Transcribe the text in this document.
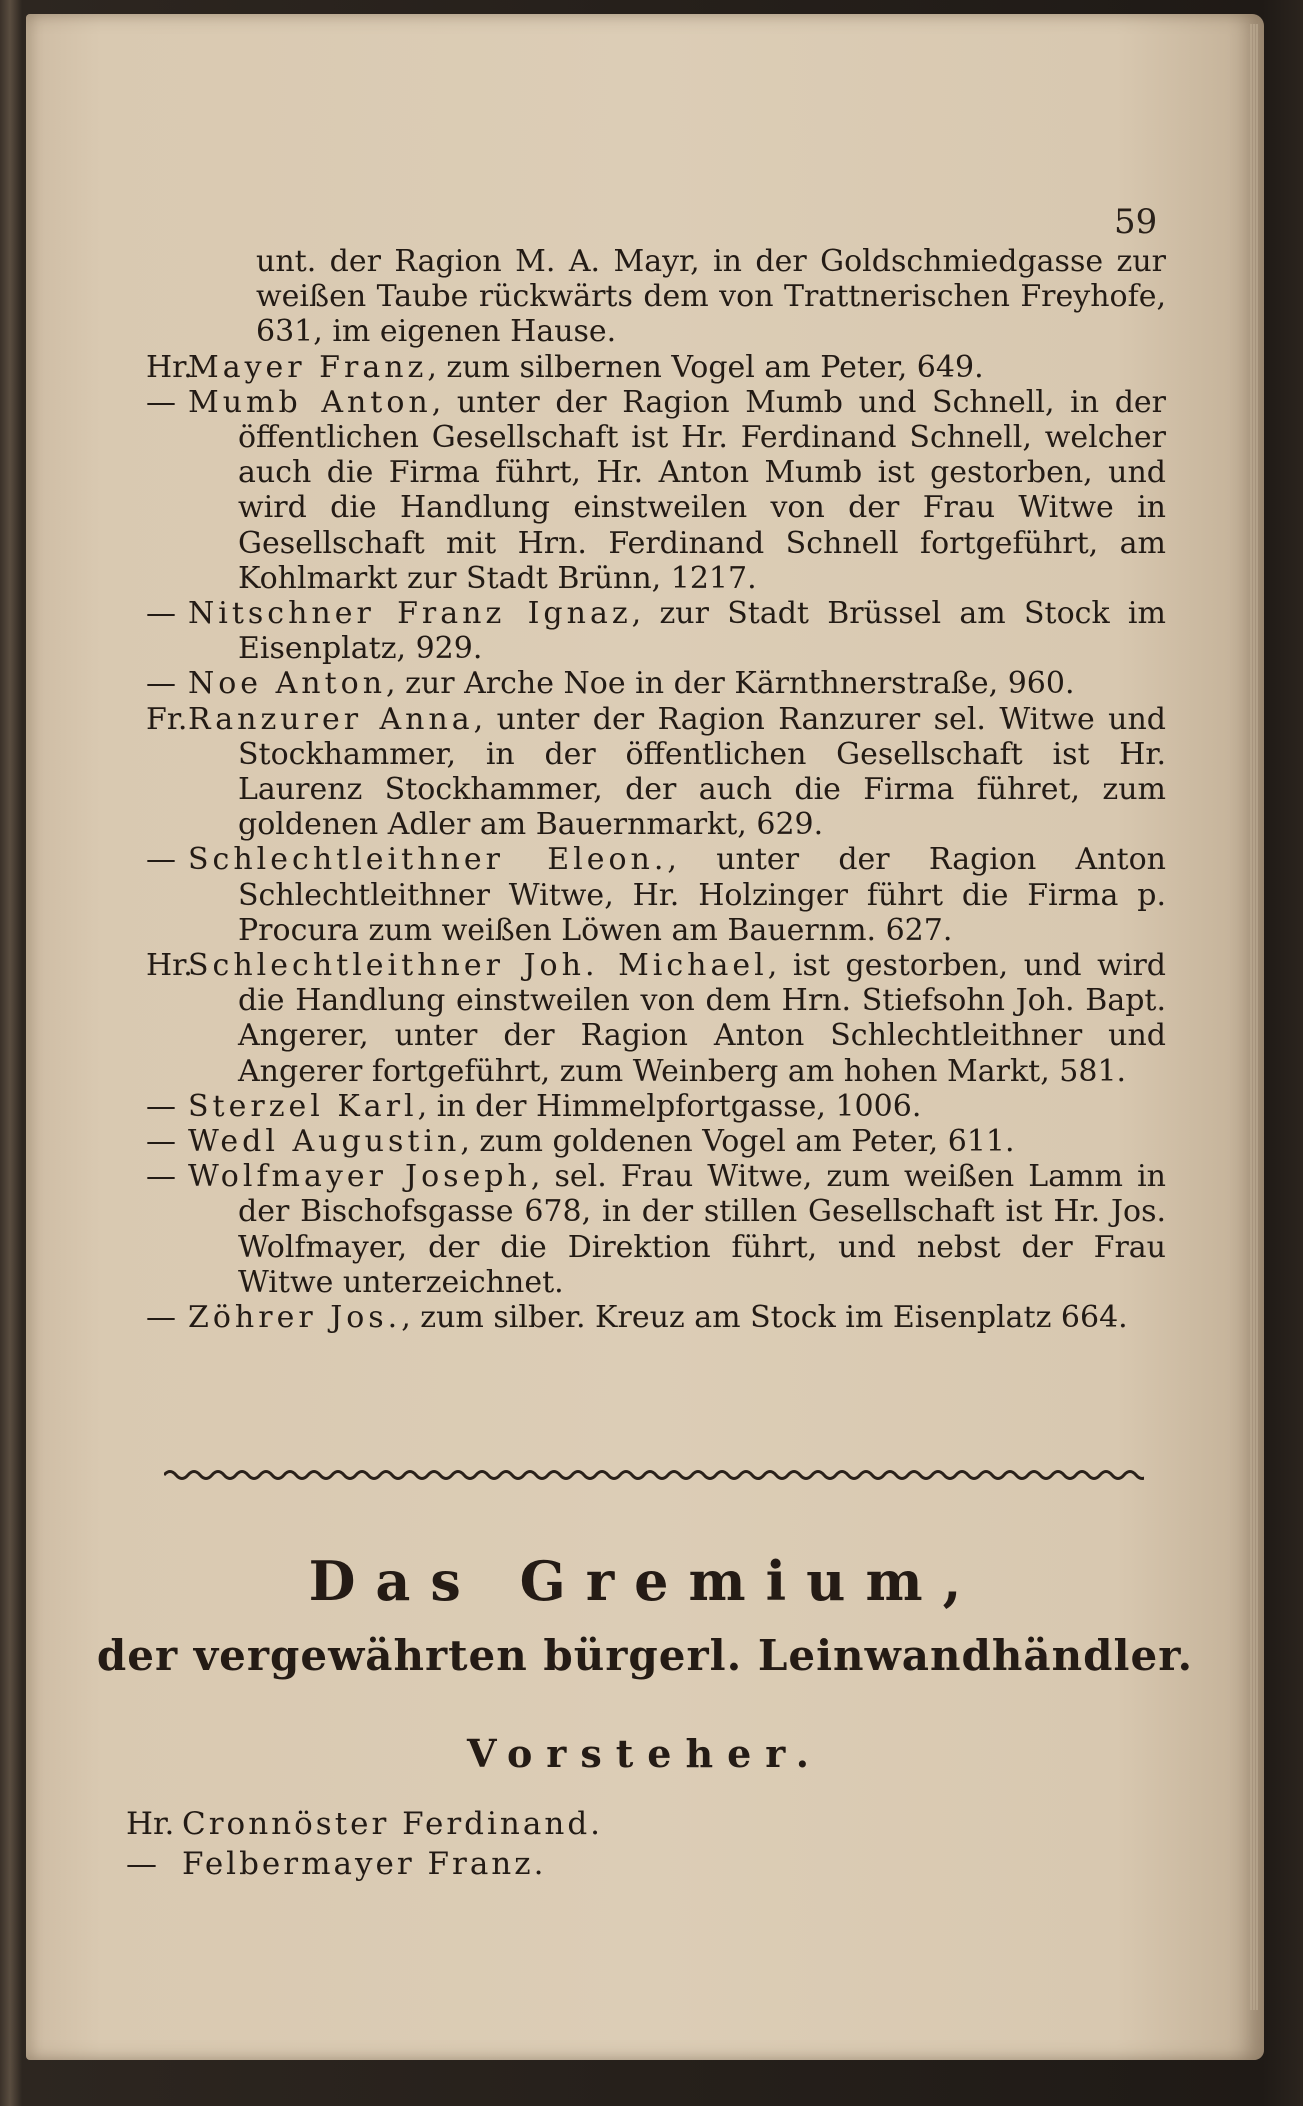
59

unt. der Ragion M. A. Mayr, in der Goldschmiedgasse zur weißen Taube rückwärts dem von Trattnerischen Freyhofe, 631, im eigenen Hause.
Hr.Mayer Franz, zum silbernen Vogel am Peter, 649.
— Mumb Anton, unter der Ragion Mumb und Schnell, in der öffentlichen Gesellschaft ist Hr. Ferdinand Schnell, welcher auch die Firma führt, Hr. Anton Mumb ist gestorben, und wird die Handlung einstweilen von der Frau Witwe in Gesellschaft mit Hrn. Ferdinand Schnell fortgeführt, am Kohlmarkt zur Stadt Brünn, 1217.
— Nitschner Franz Ignaz, zur Stadt Brüssel am Stock im Eisenplatz, 929.
— Noe Anton, zur Arche Noe in der Kärnthnerstraße, 960.
Fr.Ranzurer Anna, unter der Ragion Ranzurer sel. Witwe und Stockhammer, in der öffentlichen Gesellschaft ist Hr. Laurenz Stockhammer, der auch die Firma führet, zum goldenen Adler am Bauernmarkt, 629.
— Schlechtleithner Eleon., unter der Ragion Anton Schlechtleithner Witwe, Hr. Holzinger führt die Firma p. Procura zum weißen Löwen am Bauernm. 627.
Hr.Schlechtleithner Joh. Michael, ist gestorben, und wird die Handlung einstweilen von dem Hrn. Stiefsohn Joh. Bapt. Angerer, unter der Ragion Anton Schlechtleithner und Angerer fortgeführt, zum Weinberg am hohen Markt, 581.
— Sterzel Karl, in der Himmelpfortgasse, 1006.
— Wedl Augustin, zum goldenen Vogel am Peter, 611.
— Wolfmayer Joseph, sel. Frau Witwe, zum weißen Lamm in der Bischofsgasse 678, in der stillen Gesellschaft ist Hr. Jos. Wolfmayer, der die Direktion führt, und nebst der Frau Witwe unterzeichnet.
— Zöhrer Jos., zum silber. Kreuz am Stock im Eisenplatz 664.
Das Gremium,
der vergewährten bürgerl. Leinwandhändler.
Vorsteher.
Hr. Cronnöster Ferdinand.
— Felbermayer Franz.
